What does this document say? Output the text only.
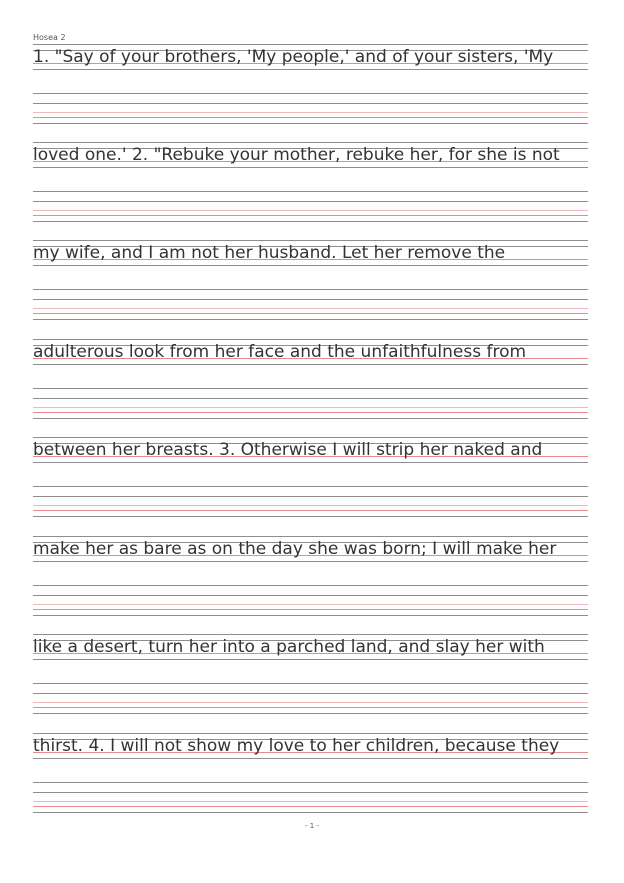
Hosea 2
1. "Say of your brothers, 'My people,' and of your sisters, 'My
loved one.' 2. "Rebuke your mother, rebuke her, for she is not
my wife, and I am not her husband. Let her remove the
adulterous look from her face and the unfaithfulness from
between her breasts. 3. Otherwise I will strip her naked and
make her as bare as on the day she was born; I will make her
like a desert, turn her into a parched land, and slay her with
thirst. 4. I will not show my love to her children, because they
- 1 -
